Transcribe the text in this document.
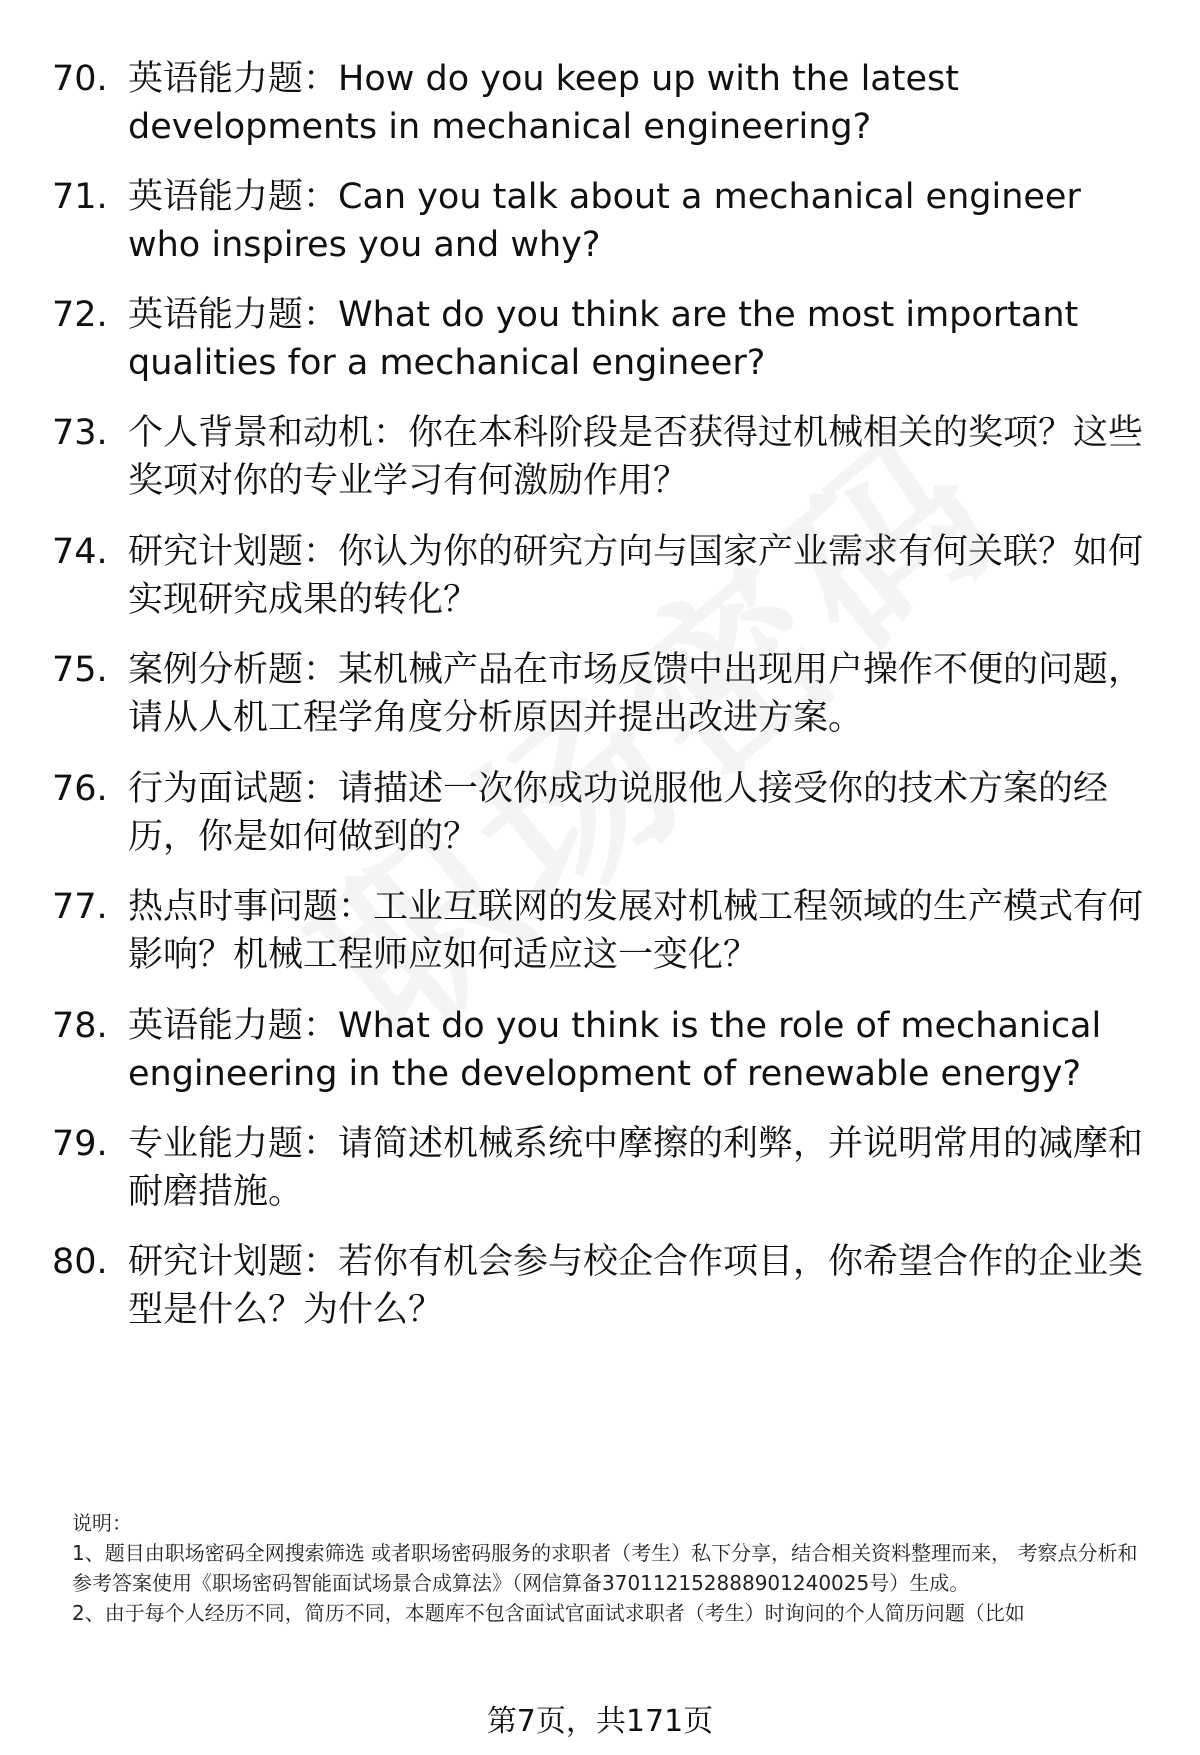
70. 英语能力题：How do you keep up with the latest developments in mechanical engineering?
71. 英语能力题：Can you talk about a mechanical engineer who inspires you and why?
72. 英语能力题：What do you think are the most important qualities for a mechanical engineer?
73. 个人背景和动机：你在本科阶段是否获得过机械相关的奖项？这些奖项对你的专业学习有何激励作用？
74. 研究计划题：你认为你的研究方向与国家产业需求有何关联？如何实现研究成果的转化？
75. 案例分析题：某机械产品在市场反馈中出现用户操作不便的问题，请从人机工程学角度分析原因并提出改进方案。
76. 行为面试题：请描述一次你成功说服他人接受你的技术方案的经历，你是如何做到的？
77. 热点时事问题：工业互联网的发展对机械工程领域的生产模式有何影响？机械工程师应如何适应这一变化？
78. 英语能力题：What do you think is the role of mechanical engineering in the development of renewable energy?
79. 专业能力题：请简述机械系统中摩擦的利弊，并说明常用的减摩和耐磨措施。
80. 研究计划题：若你有机会参与校企合作项目，你希望合作的企业类型是什么？为什么？

说明：

1、题目由职场密码全网搜索筛选 或者职场密码服务的求职者（考生）私下分享，结合相关资料整理而来， 考察点分析和参考答案使用《职场密码智能面试场景合成算法》（网信算备370112152888901240025号）生成。

2、由于每个人经历不同，简历不同，本题库不包含面试官面试求职者（考生）时询问的个人简历问题（比如

第7页，共171页
